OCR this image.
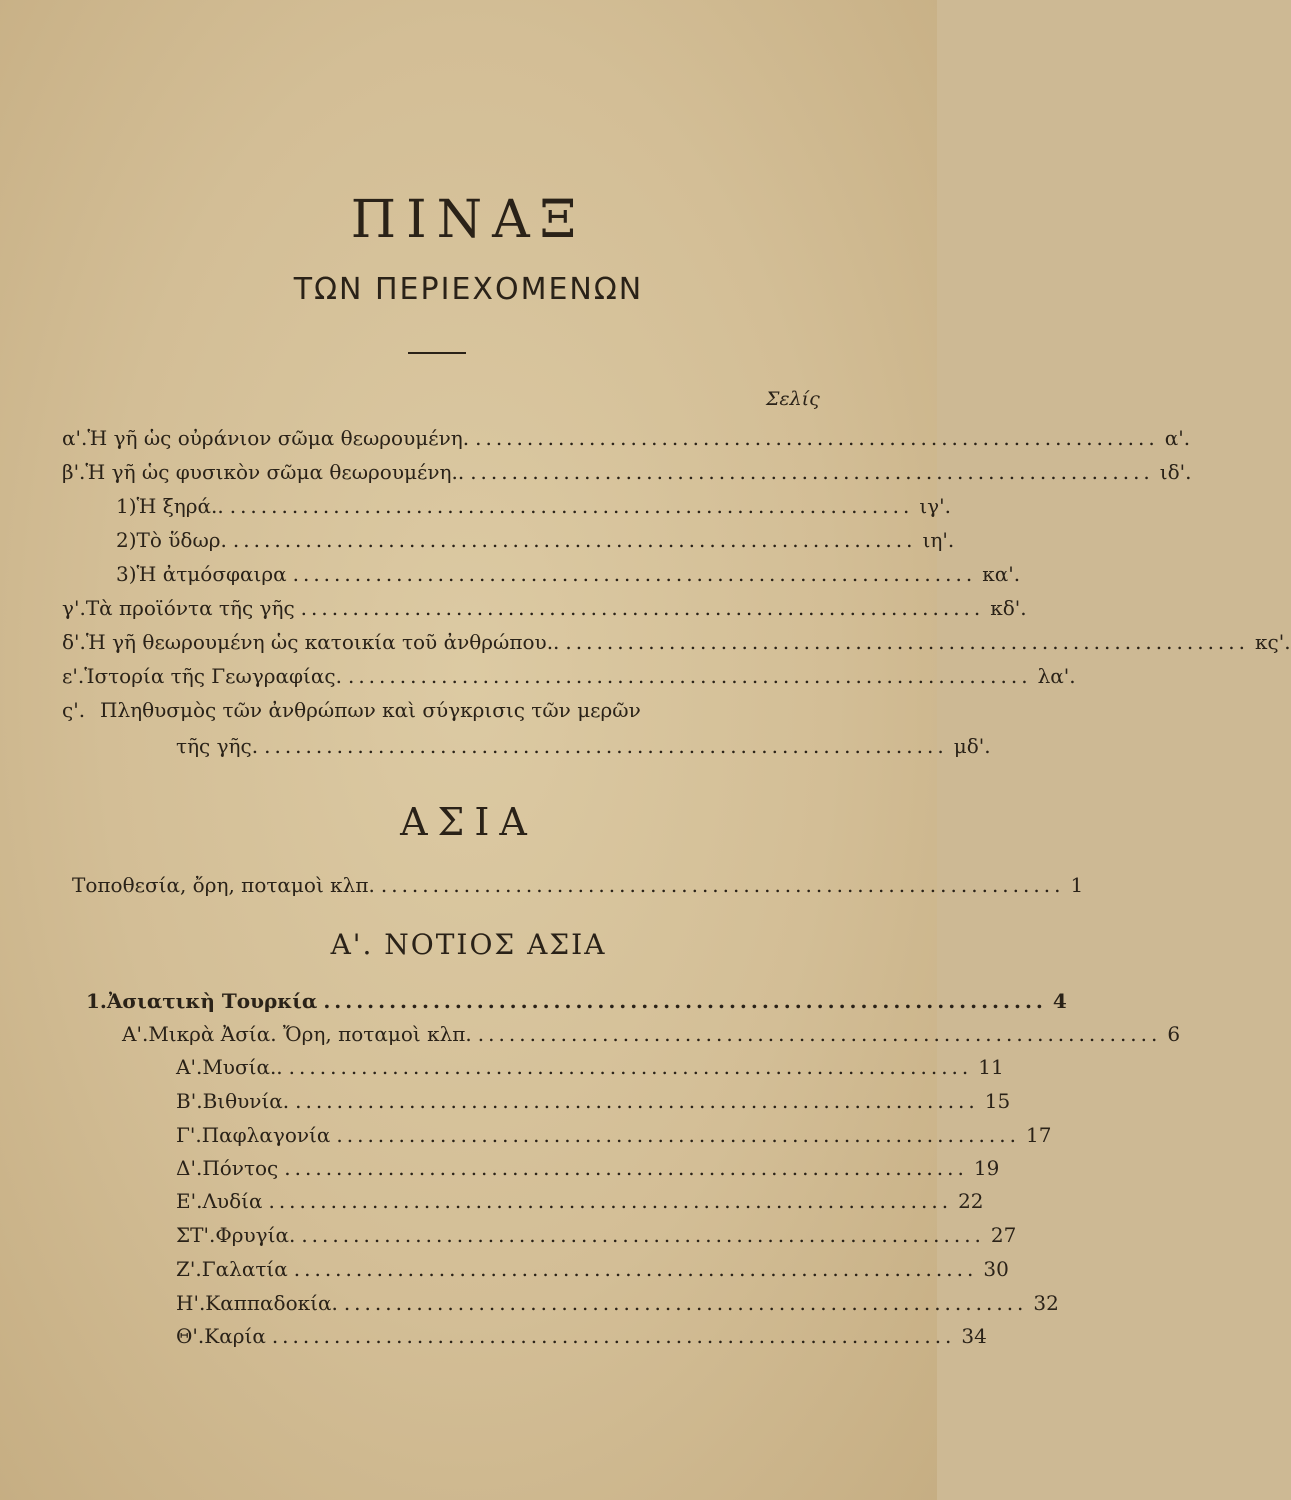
ΠΙΝΑΞ
ΤΩΝ ΠΕΡΙΕΧΟΜΕΝΩΝ
Σελίς
α'. Ἡ γῆ ὡς οὐράνιον σῶμα θεωρουμένη. .................................................................. α'.
β'. Ἡ γῆ ὡς φυσικὸν σῶμα θεωρουμένη.. .................................................................. ιδ'.
1) Ἡ ξηρά.. .................................................................. ιγ'.
2) Τὸ ὕδωρ. .................................................................. ιη'.
3) Ἡ ἀτμόσφαιρα .................................................................. κα'.
γ'. Τὰ προϊόντα τῆς γῆς .................................................................. κδ'.
δ'. Ἡ γῆ θεωρουμένη ὡς κατοικία τοῦ ἀνθρώπου.. .................................................................. κς'.
ε'. Ἱστορία τῆς Γεωγραφίας. .................................................................. λα'.
ς'. Πληθυσμὸς τῶν ἀνθρώπων καὶ σύγκρισις τῶν μερῶν
τῆς γῆς. .................................................................. μδ'.
ΑΣΙΑ
Τοποθεσία, ὄρη, ποταμοὶ κλπ. .................................................................. 1
Α'. ΝΟΤΙΟΣ ΑΣΙΑ
1. Ἀσιατικὴ Τουρκία .................................................................. 4
Α'. Μικρὰ Ἀσία. Ὄρη, ποταμοὶ κλπ. .................................................................. 6
Α'. Μυσία.. .................................................................. 11
Β'. Βιθυνία. .................................................................. 15
Γ'. Παφλαγονία .................................................................. 17
Δ'. Πόντος .................................................................. 19
Ε'. Λυδία .................................................................. 22
ΣΤ'. Φρυγία. .................................................................. 27
Ζ'. Γαλατία .................................................................. 30
Η'. Καππαδοκία. .................................................................. 32
Θ'. Καρία .................................................................. 34
